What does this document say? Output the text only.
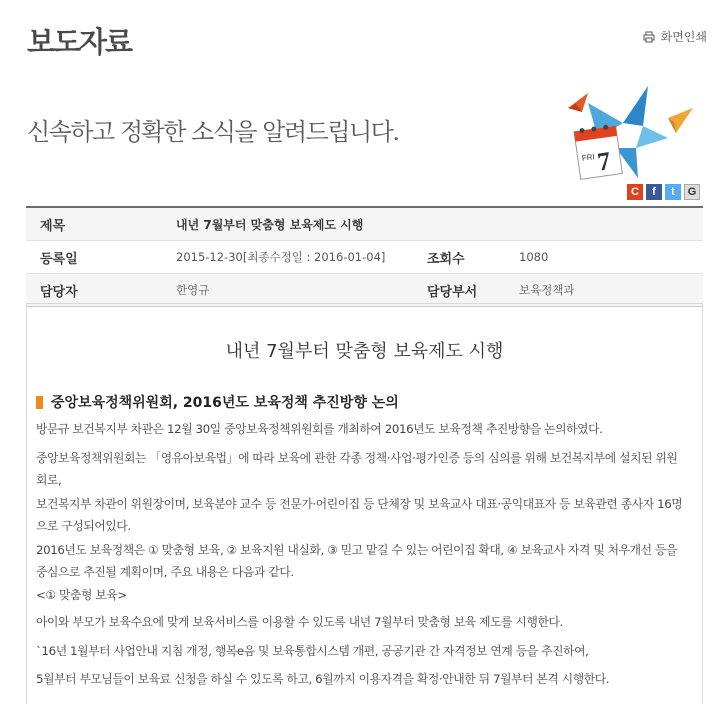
보도자료	화면인쇄
신속하고 정확한 소식을 알려드립니다.
FRI 7
C	f	t	G
제목	내년 7월부터 맞춤형 보육제도 시행
등록일	2015-12-30[최종수정일 : 2016-01-04]	조회수	1080
담당자	한영규	담당부서	보육정책과
내년 7월부터 맞춤형 보육제도 시행
중앙보육정책위원회, 2016년도 보육정책 추진방향 논의
방문규 보건복지부 차관은 12월 30일 중앙보육정책위원회를 개최하여 2016년도 보육정책 추진방향을 논의하였다.
중앙보육정책위원회는 「영유아보육법」에 따라 보육에 관한 각종 정책·사업·평가인증 등의 심의를 위해 보건복지부에 설치된 위원회로,
보건복지부 차관이 위원장이며, 보육분야 교수 등 전문가·어린이집 등 단체장 및 보육교사 대표·공익대표자 등 보육관련 종사자 16명으로 구성되어있다.
2016년도 보육정책은 ① 맞춤형 보육, ② 보육지원 내실화, ③ 믿고 맡길 수 있는 어린이집 확대, ④ 보육교사 자격 및 처우개선 등을 중심으로 추진될 계획이며, 주요 내용은 다음과 같다.
<① 맞춤형 보육>
아이와 부모가 보육수요에 맞게 보육서비스를 이용할 수 있도록 내년 7월부터 맞춤형 보육 제도를 시행한다.
`16년 1월부터 사업안내 지침 개정, 행복e음 및 보육통합시스템 개편, 공공기관 간 자격정보 연계 등을 추진하여,
5월부터 부모님들이 보육료 신청을 하실 수 있도록 하고, 6월까지 이용자격을 확정·안내한 뒤 7월부터 본격 시행한다.
